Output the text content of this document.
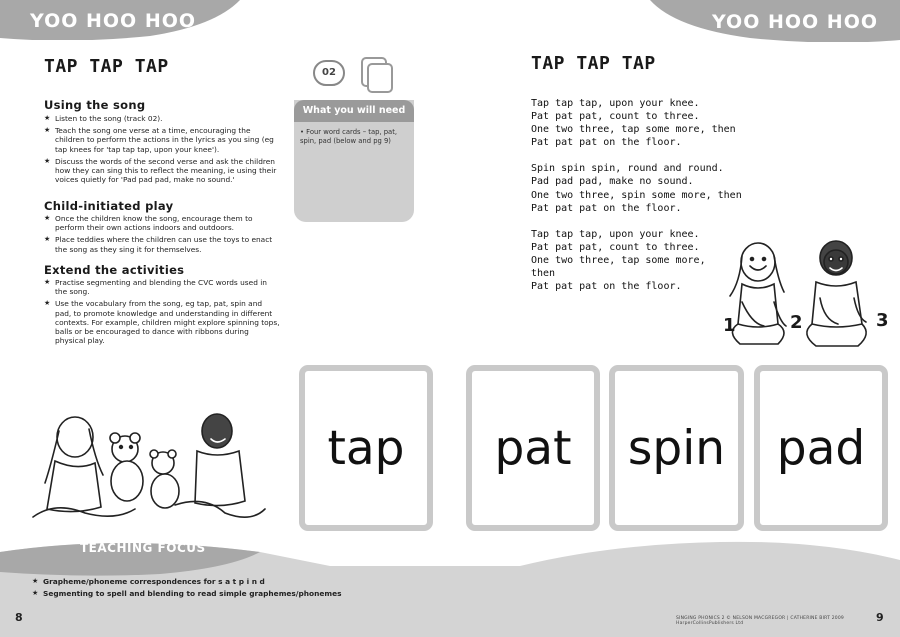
YOO HOO HOO	YOO HOO HOO
TAP TAP TAP
Using the song
★ Listen to the song (track 02).
★ Teach the song one verse at a time, encouraging the children to perform the actions in the lyrics as you sing (eg tap knees for 'tap tap tap, upon your knee').
★ Discuss the words of the second verse and ask the children how they can sing this to reflect the meaning, ie using their voices quietly for 'Pad pad pad, make no sound.'
Child-initiated play
★ Once the children know the song, encourage them to perform their own actions indoors and outdoors.
★ Place teddies where the children can use the toys to enact the song as they sing it for themselves.
Extend the activities
★ Practise segmenting and blending the CVC words used in the song.
★ Use the vocabulary from the song, eg tap, pat, spin and pad, to promote knowledge and understanding in different contexts. For example, children might explore spinning tops, balls or be encouraged to dance with ribbons during physical play.
02
What you will need
• Four word cards – tap, pat, spin, pad (below and pg 9)
TAP TAP TAP

Tap tap tap, upon your knee.
Pat pat pat, count to three.
One two three, tap some more, then
Pat pat pat on the floor.

Spin spin spin, round and round.
Pad pad pad, make no sound.
One two three, spin some more, then
Pat pat pat on the floor.

Tap tap tap, upon your knee.
Pat pat pat, count to three.
One two three, tap some more,
then
Pat pat pat on the floor.

1	2	3
tap	pat	spin	pad
TEACHING FOCUS
★ Grapheme/phoneme correspondences for s a t p i n d
★ Segmenting to spell and blending to read simple graphemes/phonemes
8	SINGING PHONICS 2 © NELSON MACGREGOR | CATHERINE BIRT 2009 HarperCollinsPublishers Ltd	9
